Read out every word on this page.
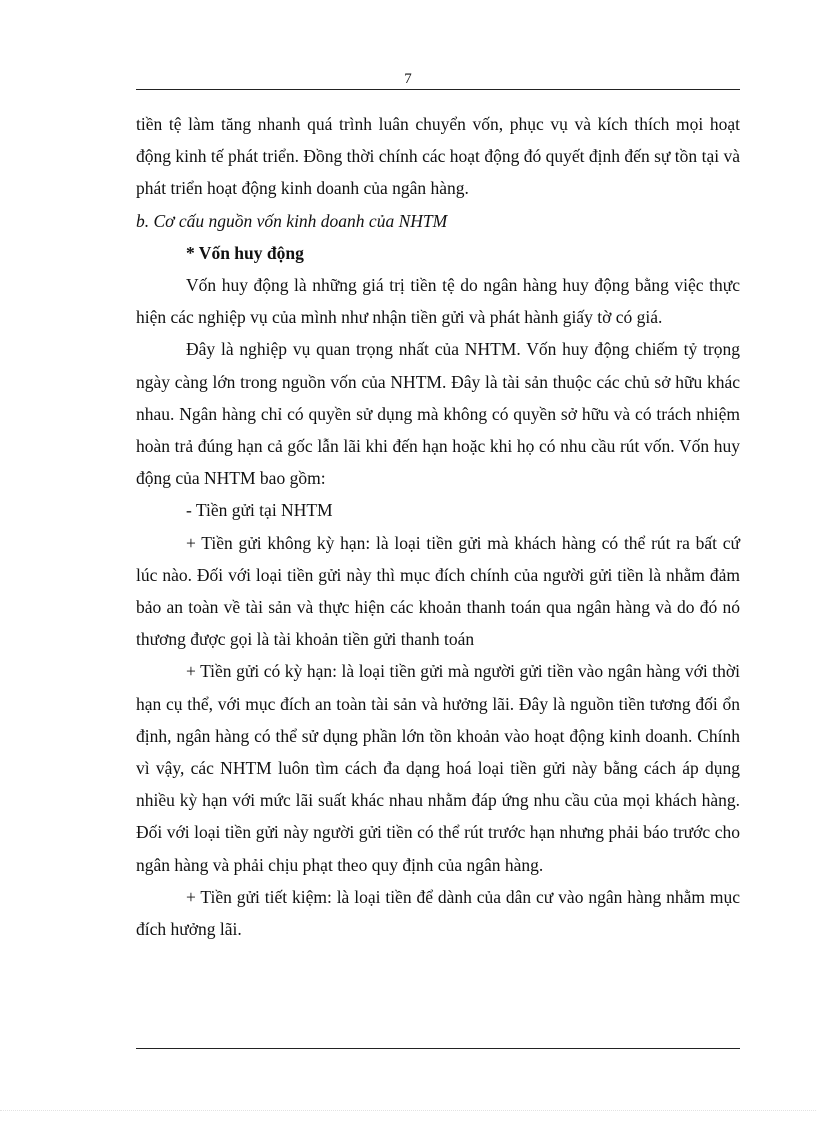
7

tiền tệ làm tăng nhanh quá trình luân chuyển vốn, phục vụ và kích thích mọi hoạt động kinh tế phát triển. Đồng thời chính các hoạt động đó quyết định đến sự tồn tại và phát triển hoạt động kinh doanh của ngân hàng.

b. Cơ cấu nguồn vốn kinh doanh của NHTM

* Vốn huy động

Vốn huy động là những giá trị tiền tệ do ngân hàng huy động bằng việc thực hiện các nghiệp vụ của mình như nhận tiền gửi và phát hành giấy tờ có giá.

Đây là nghiệp vụ quan trọng nhất của NHTM. Vốn huy động chiếm tỷ trọng ngày càng lớn trong nguồn vốn của NHTM. Đây là tài sản thuộc các chủ sở hữu khác nhau. Ngân hàng chỉ có quyền sử dụng mà không có quyền sở hữu và có trách nhiệm hoàn trả đúng hạn cả gốc lẫn lãi khi đến hạn hoặc khi họ có nhu cầu rút vốn. Vốn huy động của NHTM bao gồm:

- Tiền gửi tại NHTM

+ Tiền gửi không kỳ hạn: là loại tiền gửi mà khách hàng có thể rút ra bất cứ lúc nào. Đối với loại tiền gửi này thì mục đích chính của người gửi tiền là nhằm đảm bảo an toàn về tài sản và thực hiện các khoản thanh toán qua ngân hàng và do đó nó thương được gọi là tài khoản tiền gửi thanh toán

+ Tiền gửi có kỳ hạn: là loại tiền gửi mà người gửi tiền vào ngân hàng với thời hạn cụ thể, với mục đích an toàn tài sản và hưởng lãi. Đây là nguồn tiền tương đối ổn định, ngân hàng có thể sử dụng phần lớn tồn khoản vào hoạt động kinh doanh. Chính vì vậy, các NHTM luôn tìm cách đa dạng hoá loại tiền gửi này bằng cách áp dụng nhiều kỳ hạn với mức lãi suất khác nhau nhằm đáp ứng nhu cầu của mọi khách hàng. Đối với loại tiền gửi này người gửi tiền có thể rút trước hạn nhưng phải báo trước cho ngân hàng và phải chịu phạt theo quy định của ngân hàng.

+ Tiền gửi tiết kiệm: là loại tiền để dành của dân cư vào ngân hàng nhằm mục đích hưởng lãi.
